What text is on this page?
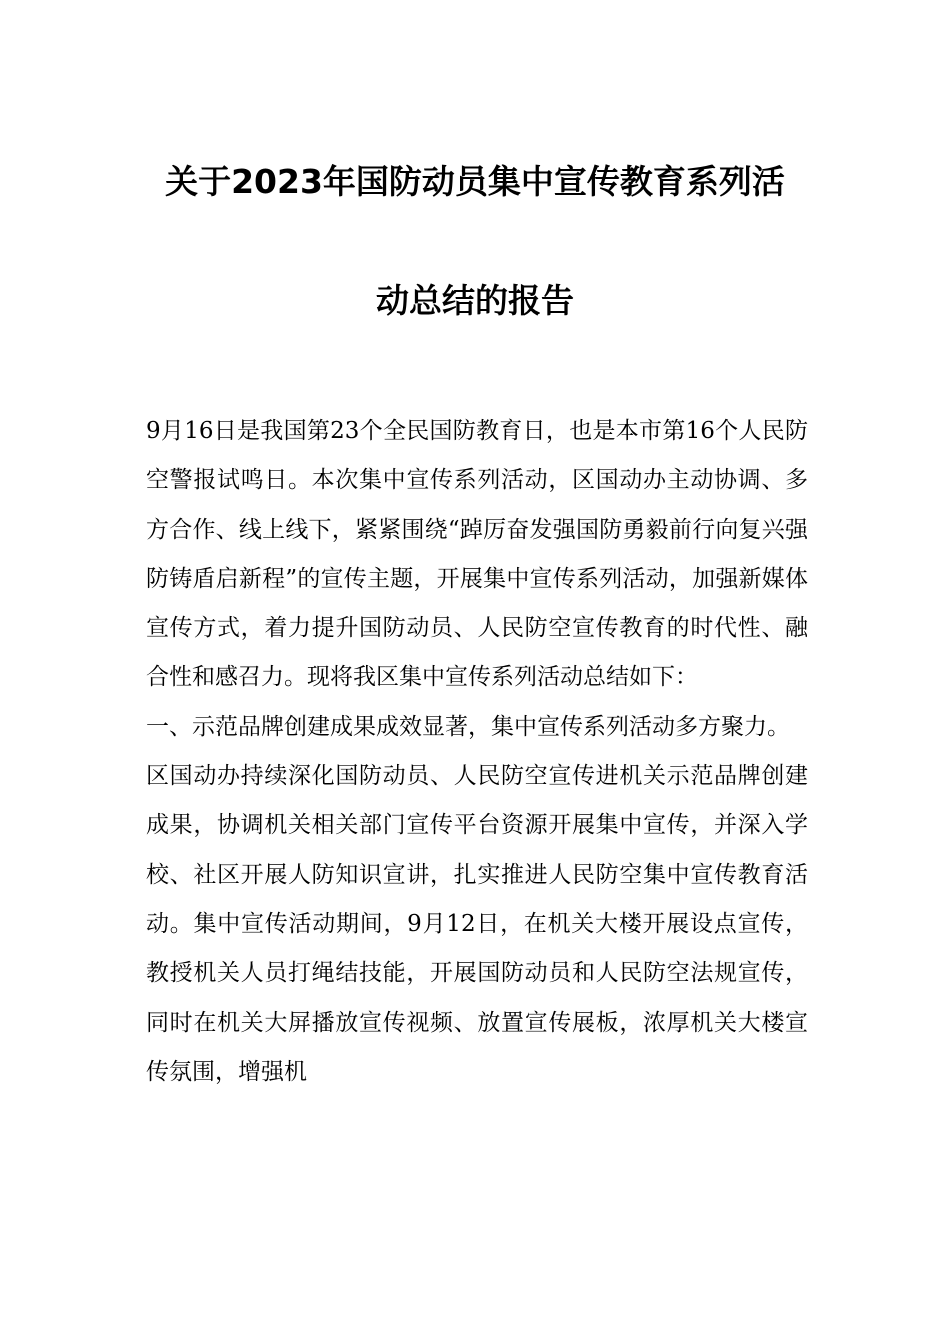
关于2023年国防动员集中宣传教育系列活
动总结的报告

9月16日是我国第23个全民国防教育日，也是本市第16个人民防空警报试鸣日。本次集中宣传系列活动，区国动办主动协调、多方合作、线上线下，紧紧围绕“踔厉奋发强国防勇毅前行向复兴强防铸盾启新程”的宣传主题，开展集中宣传系列活动，加强新媒体宣传方式，着力提升国防动员、人民防空宣传教育的时代性、融合性和感召力。现将我区集中宣传系列活动总结如下：

一、示范品牌创建成果成效显著，集中宣传系列活动多方聚力。

区国动办持续深化国防动员、人民防空宣传进机关示范品牌创建成果，协调机关相关部门宣传平台资源开展集中宣传，并深入学校、社区开展人防知识宣讲，扎实推进人民防空集中宣传教育活动。集中宣传活动期间，9月12日，在机关大楼开展设点宣传，教授机关人员打绳结技能，开展国防动员和人民防空法规宣传，同时在机关大屏播放宣传视频、放置宣传展板，浓厚机关大楼宣传氛围，增强机
